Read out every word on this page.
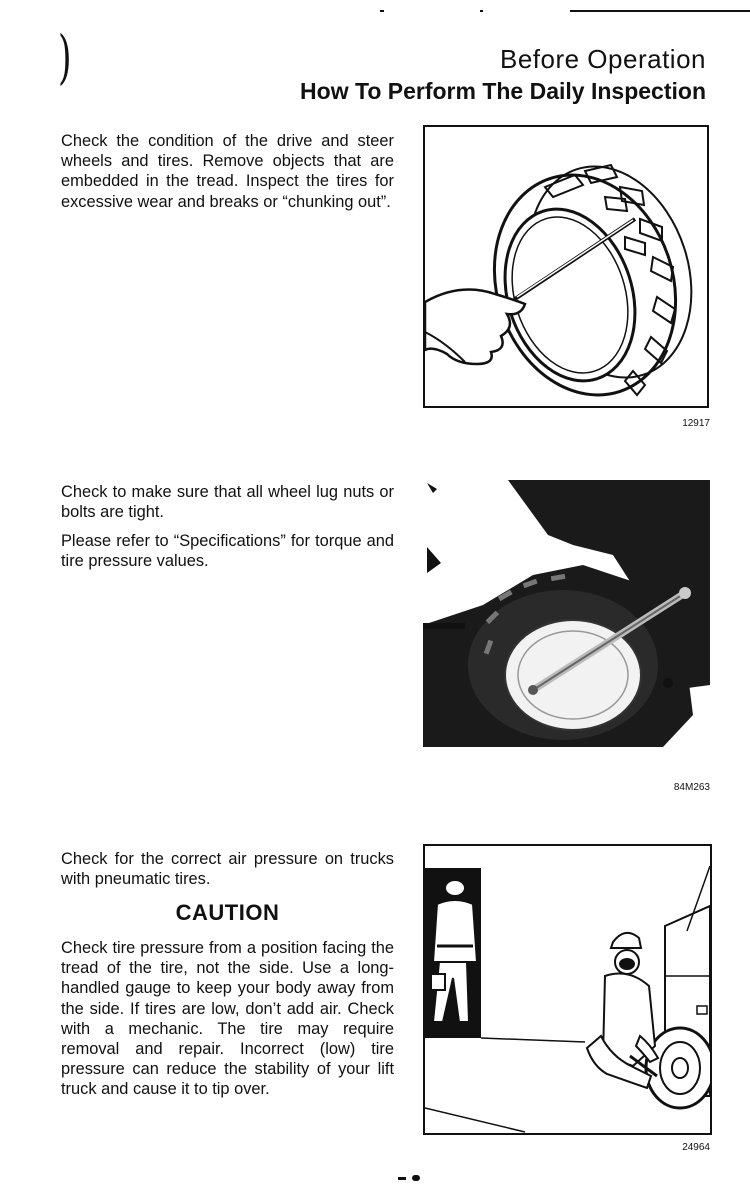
)	Before Operation
How To Perform The Daily Inspection

Check the condition of the drive and steer wheels and tires. Remove objects that are embedded in the tread. Inspect the tires for excessive wear and breaks or “chunking out”.

12917

Check to make sure that all wheel lug nuts or bolts are tight.

Please refer to “Specifications” for torque and tire pressure values.

84M263

Check for the correct air pressure on trucks with pneumatic tires.

CAUTION

Check tire pressure from a position facing the tread of the tire, not the side. Use a long-handled gauge to keep your body away from the side. If tires are low, don’t add air. Check with a mechanic. The tire may require removal and repair. Incorrect (low) tire pressure can reduce the stability of your lift truck and cause it to tip over.

24964
